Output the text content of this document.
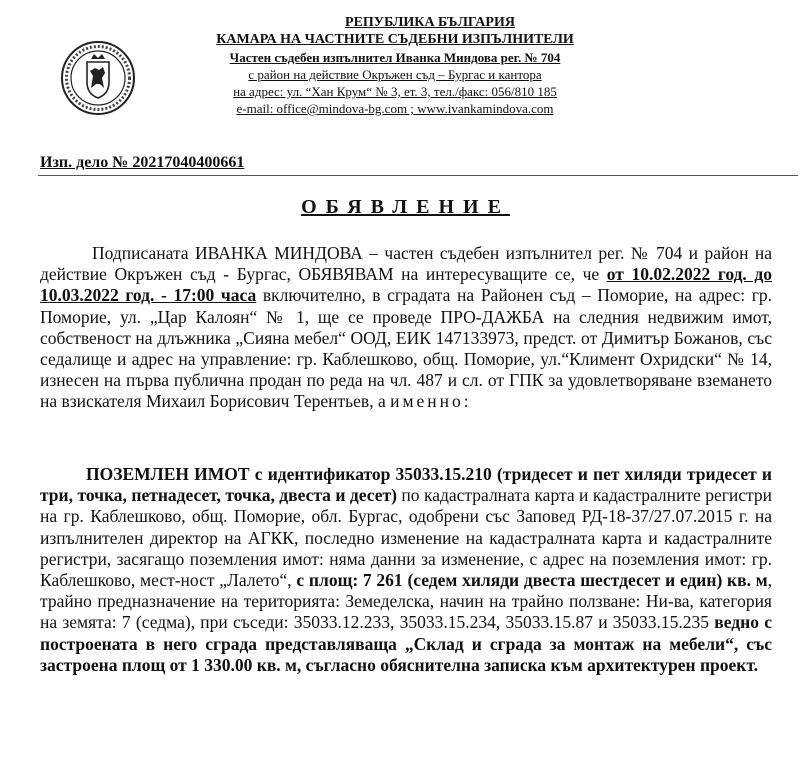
РЕПУБЛИКА БЪЛГАРИЯ
КАМАРА НА ЧАСТНИТЕ СЪДЕБНИ ИЗПЪЛНИТЕЛИ
Частен съдебен изпълнител Иванка Миндова рег. № 704
с район на действие Окръжен съд – Бургас и кантора
на адрес: ул. “Хан Крум“ № 3, ет. 3, тел./факс: 056/810 185
e-mail: office@mindova-bg.com ; www.ivankamindova.com
Изп. дело № 20217040400661
ОБЯВЛЕНИЕ
Подписаната ИВАНКА МИНДОВА – частен съдебен изпълнител рег. № 704 и район на действие Окръжен съд - Бургас, ОБЯВЯВАМ на интересуващите се, че от 10.02.2022 год. до 10.03.2022 год. - 17:00 часа включително, в сградата на Районен съд – Поморие, на адрес: гр. Поморие, ул. „Цар Калоян“ № 1, ще се проведе ПРО-ДАЖБА на следния недвижим имот, собственост на длъжника „Сияна мебел“ ООД, ЕИК 147133973, предст. от Димитър Божанов, със седалище и адрес на управление: гр. Каблешково, общ. Поморие, ул.“Климент Охридски“ № 14, изнесен на първа публична продан по реда на чл. 487 и сл. от ГПК за удовлетворяване вземането на взискателя Михаил Борисович Терентьев, а именно:
ПОЗЕМЛЕН ИМОТ с идентификатор 35033.15.210 (тридесет и пет хиляди тридесет и три, точка, петнадесет, точка, двеста и десет) по кадастралната карта и кадастралните регистри на гр. Каблешково, общ. Поморие, обл. Бургас, одобрени със Заповед РД-18-37/27.07.2015 г. на изпълнителен директор на АГКК, последно изменение на кадастралната карта и кадастралните регистри, засягащо поземления имот: няма данни за изменение, с адрес на поземления имот: гр. Каблешково, мест-ност „Лалето“, с площ: 7 261 (седем хиляди двеста шестдесет и един) кв. м, трайно предназначение на територията: Земеделска, начин на трайно ползване: Ни-ва, категория на земята: 7 (седма), при съседи: 35033.12.233, 35033.15.234, 35033.15.87 и 35033.15.235 ведно с построената в него сграда представляваща „Склад и сграда за монтаж на мебели“, със застроена площ от 1 330.00 кв. м, съгласно обяснителна записка към архитектурен проект.
